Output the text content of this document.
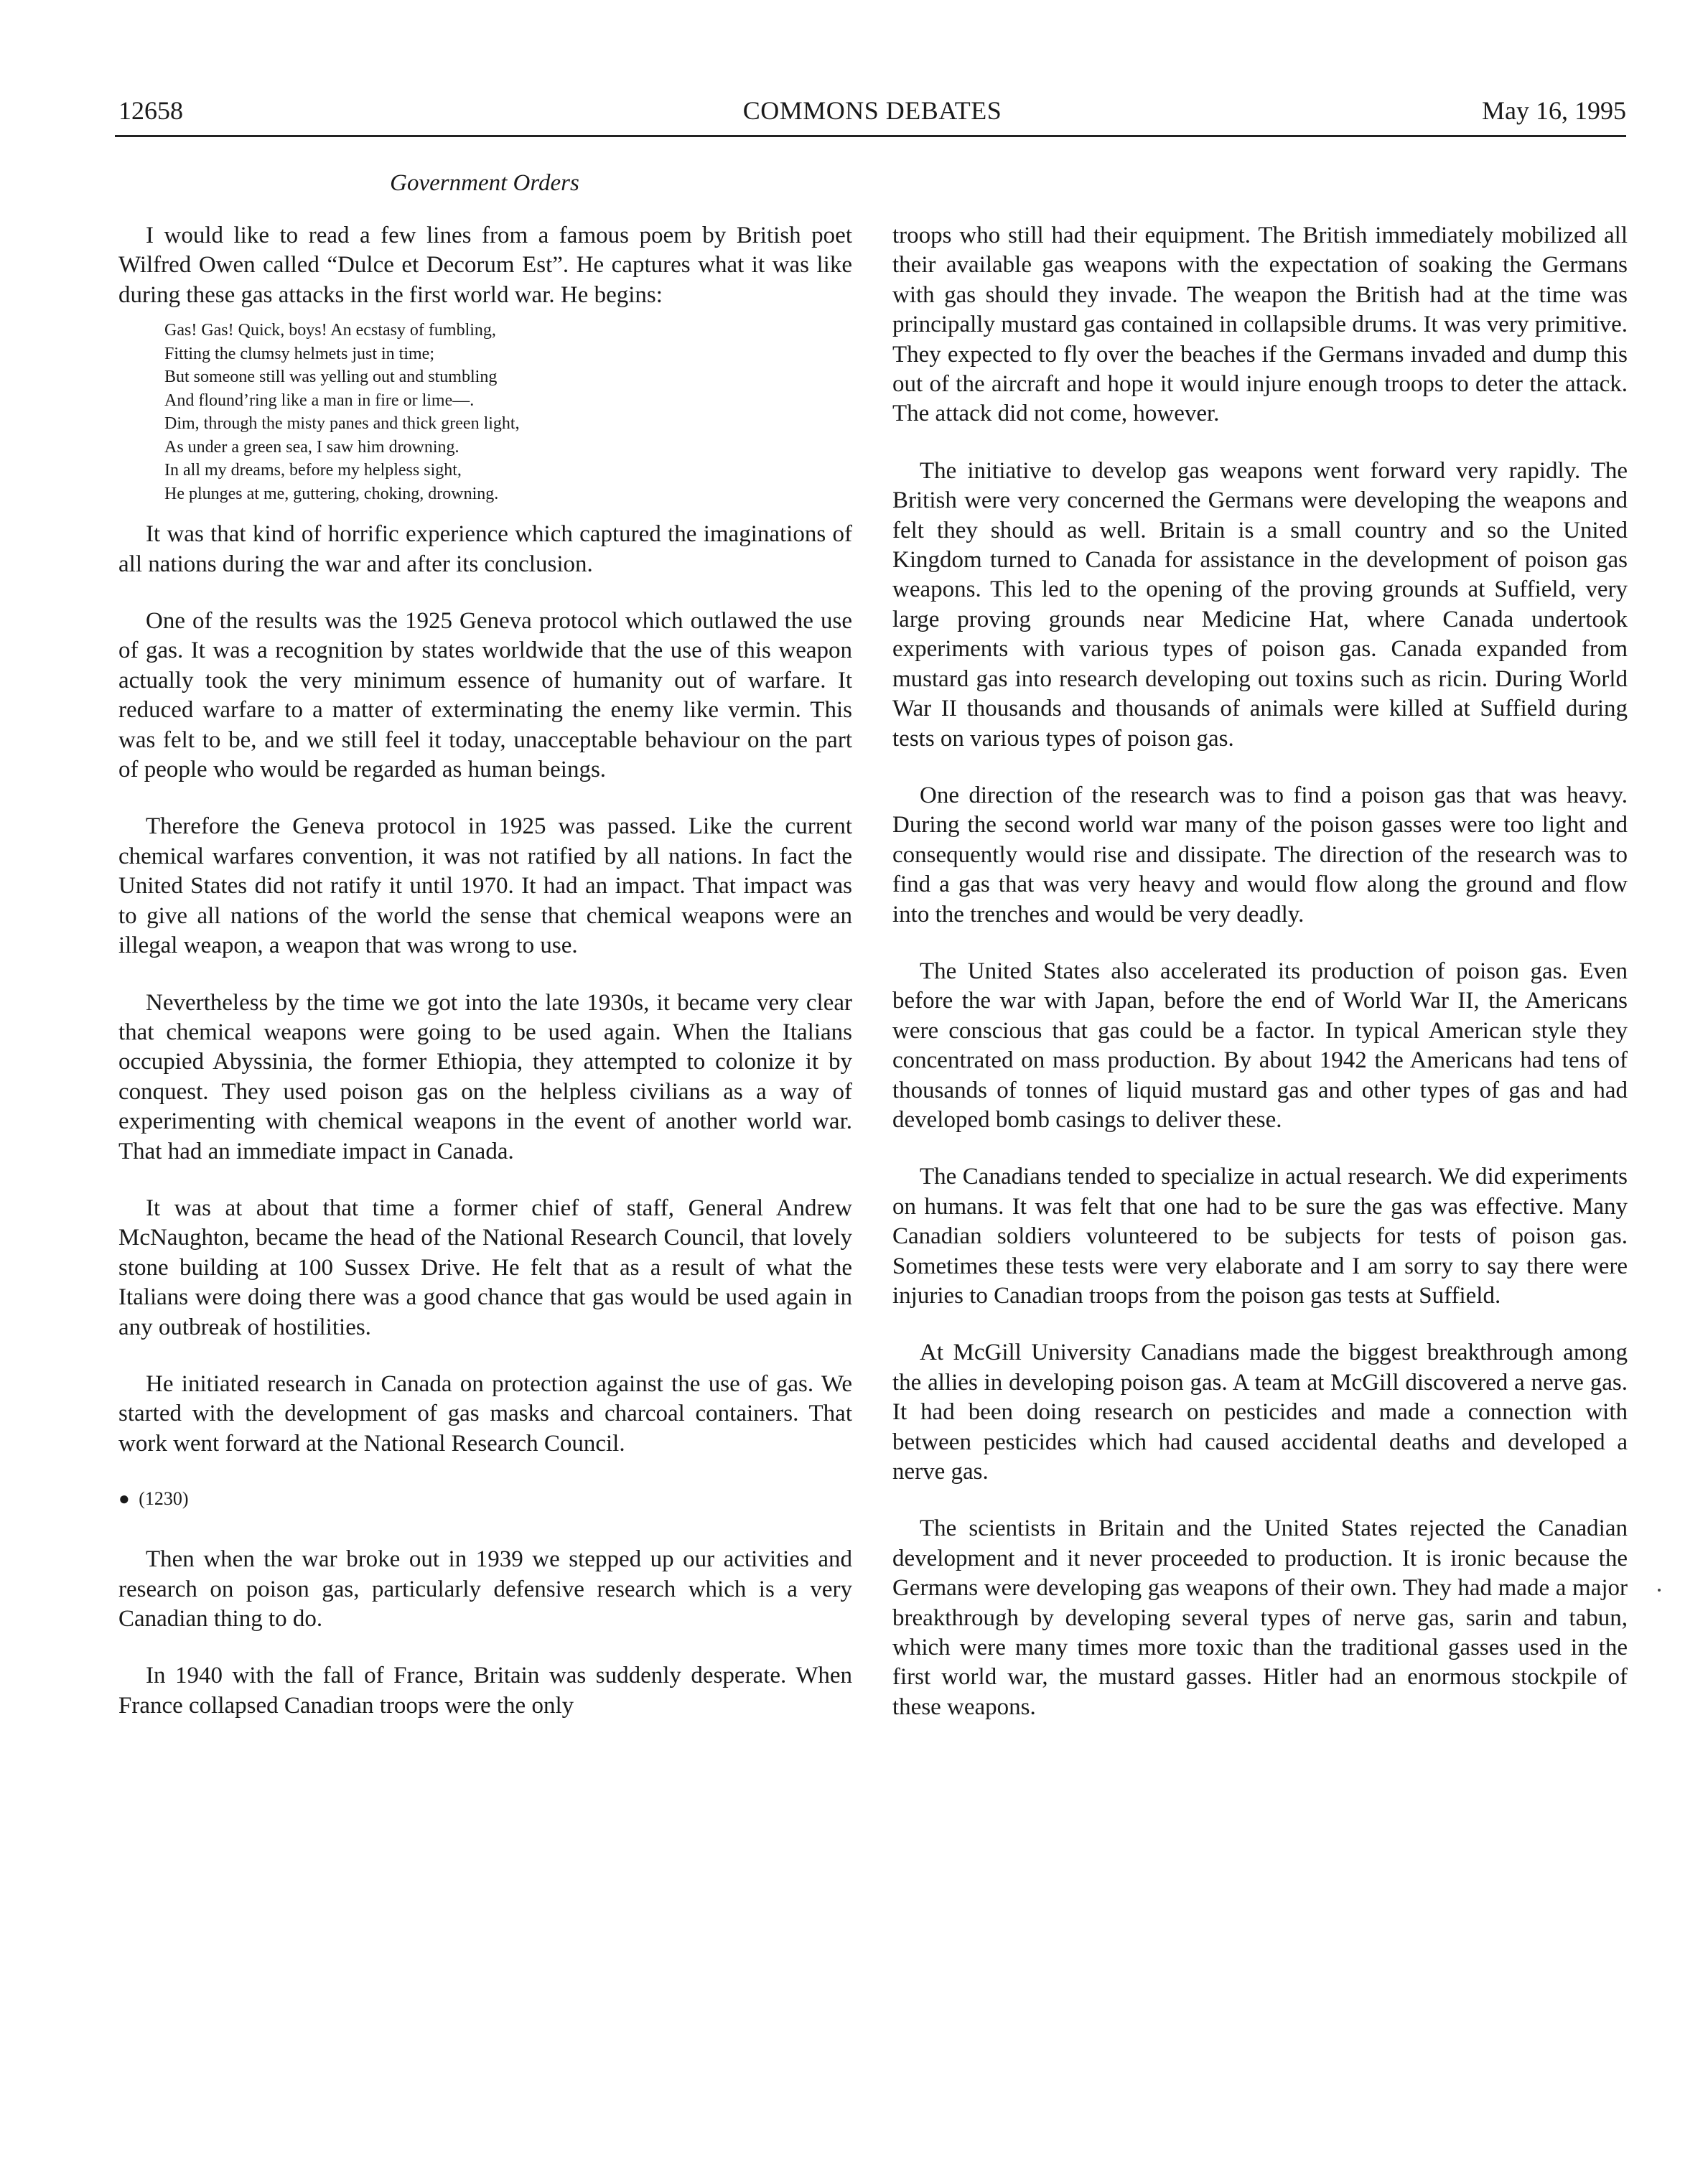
12658	COMMONS DEBATES	May 16, 1995
Government Orders

I would like to read a few lines from a famous poem by British poet Wilfred Owen called “Dulce et Decorum Est”. He captures what it was like during these gas attacks in the first world war. He begins:

Gas! Gas! Quick, boys! An ecstasy of fumbling,
Fitting the clumsy helmets just in time;
But someone still was yelling out and stumbling
And flound’ring like a man in fire or lime—.
Dim, through the misty panes and thick green light,
As under a green sea, I saw him drowning.
In all my dreams, before my helpless sight,
He plunges at me, guttering, choking, drowning.

It was that kind of horrific experience which captured the imaginations of all nations during the war and after its conclusion.

One of the results was the 1925 Geneva protocol which outlawed the use of gas. It was a recognition by states worldwide that the use of this weapon actually took the very minimum essence of humanity out of warfare. It reduced warfare to a matter of exterminating the enemy like vermin. This was felt to be, and we still feel it today, unacceptable behaviour on the part of people who would be regarded as human beings.

Therefore the Geneva protocol in 1925 was passed. Like the current chemical warfares convention, it was not ratified by all nations. In fact the United States did not ratify it until 1970. It had an impact. That impact was to give all nations of the world the sense that chemical weapons were an illegal weapon, a weapon that was wrong to use.

Nevertheless by the time we got into the late 1930s, it became very clear that chemical weapons were going to be used again. When the Italians occupied Abyssinia, the former Ethiopia, they attempted to colonize it by conquest. They used poison gas on the helpless civilians as a way of experimenting with chemical weapons in the event of another world war. That had an immediate impact in Canada.

It was at about that time a former chief of staff, General Andrew McNaughton, became the head of the National Research Council, that lovely stone building at 100 Sussex Drive. He felt that as a result of what the Italians were doing there was a good chance that gas would be used again in any outbreak of hostilities.

He initiated research in Canada on protection against the use of gas. We started with the development of gas masks and charcoal containers. That work went forward at the National Research Council.

● (1230)

Then when the war broke out in 1939 we stepped up our activities and research on poison gas, particularly defensive research which is a very Canadian thing to do.

In 1940 with the fall of France, Britain was suddenly desperate. When France collapsed Canadian troops were the only

troops who still had their equipment. The British immediately mobilized all their available gas weapons with the expectation of soaking the Germans with gas should they invade. The weapon the British had at the time was principally mustard gas contained in collapsible drums. It was very primitive. They expected to fly over the beaches if the Germans invaded and dump this out of the aircraft and hope it would injure enough troops to deter the attack. The attack did not come, however.

The initiative to develop gas weapons went forward very rapidly. The British were very concerned the Germans were developing the weapons and felt they should as well. Britain is a small country and so the United Kingdom turned to Canada for assistance in the development of poison gas weapons. This led to the opening of the proving grounds at Suffield, very large proving grounds near Medicine Hat, where Canada undertook experiments with various types of poison gas. Canada expanded from mustard gas into research developing out toxins such as ricin. During World War II thousands and thousands of animals were killed at Suffield during tests on various types of poison gas.

One direction of the research was to find a poison gas that was heavy. During the second world war many of the poison gasses were too light and consequently would rise and dissipate. The direction of the research was to find a gas that was very heavy and would flow along the ground and flow into the trenches and would be very deadly.

The United States also accelerated its production of poison gas. Even before the war with Japan, before the end of World War II, the Americans were conscious that gas could be a factor. In typical American style they concentrated on mass production. By about 1942 the Americans had tens of thousands of tonnes of liquid mustard gas and other types of gas and had developed bomb casings to deliver these.

The Canadians tended to specialize in actual research. We did experiments on humans. It was felt that one had to be sure the gas was effective. Many Canadian soldiers volunteered to be subjects for tests of poison gas. Sometimes these tests were very elaborate and I am sorry to say there were injuries to Canadian troops from the poison gas tests at Suffield.

At McGill University Canadians made the biggest breakthrough among the allies in developing poison gas. A team at McGill discovered a nerve gas. It had been doing research on pesticides and made a connection with between pesticides which had caused accidental deaths and developed a nerve gas.

The scientists in Britain and the United States rejected the Canadian development and it never proceeded to production. It is ironic because the Germans were developing gas weapons of their own. They had made a major breakthrough by developing several types of nerve gas, sarin and tabun, which were many times more toxic than the traditional gasses used in the first world war, the mustard gasses. Hitler had an enormous stockpile of these weapons.
